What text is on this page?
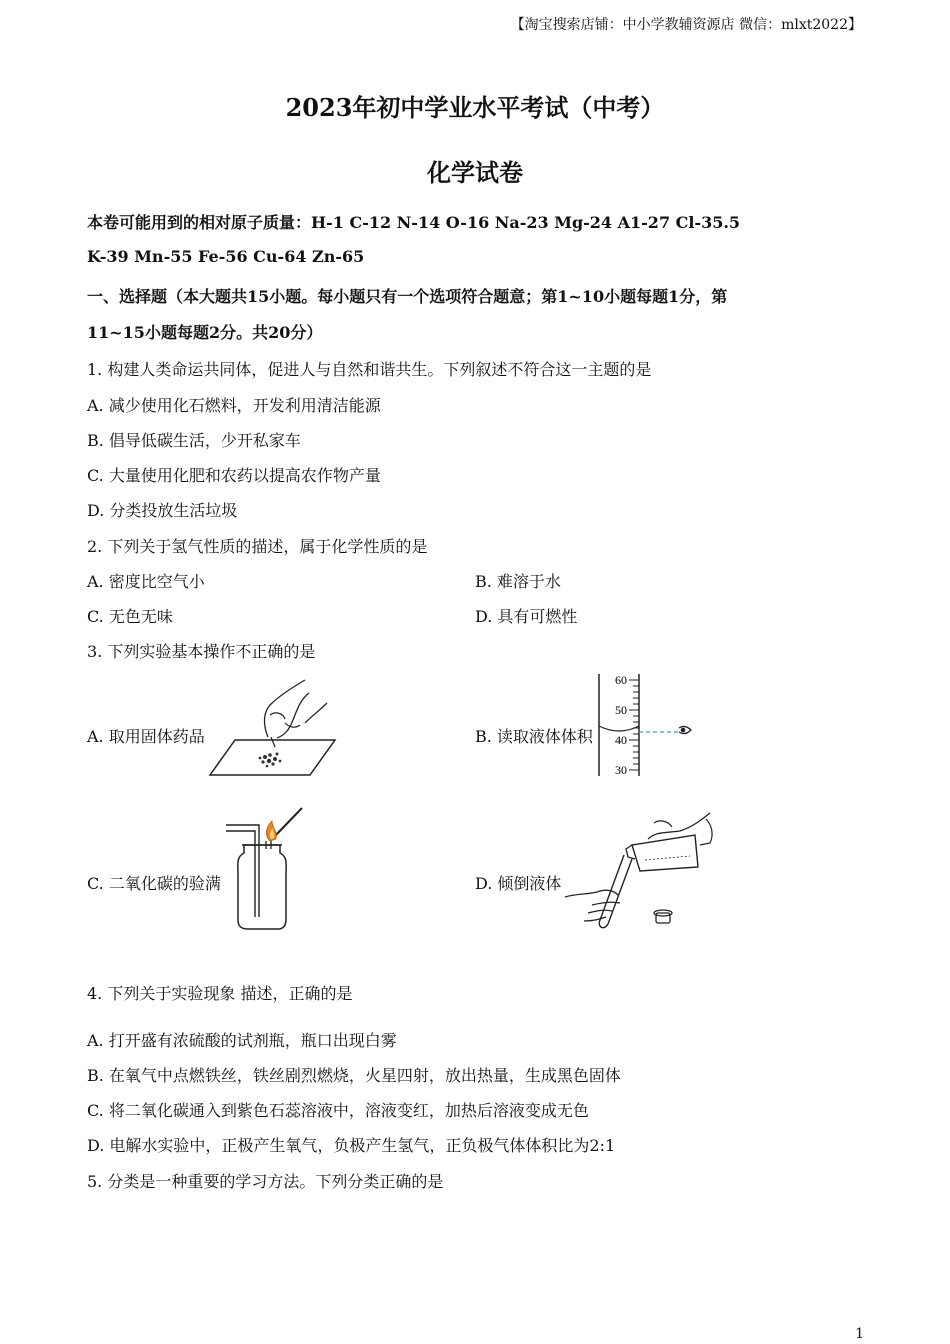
【淘宝搜索店铺：中小学教辅资源店 微信：mlxt2022】
2023年初中学业水平考试（中考）
化学试卷
本卷可能用到的相对原子质量：H-1 C-12 N-14 O-16 Na-23 Mg-24 A1-27 Cl-35.5
K-39 Mn-55 Fe-56 Cu-64 Zn-65
一、选择题（本大题共15小题。每小题只有一个选项符合题意；第1~10小题每题1分，第
11~15小题每题2分。共20分）
1. 构建人类命运共同体，促进人与自然和谐共生。下列叙述不符合这一主题的是
A. 减少使用化石燃料，开发利用清洁能源
B. 倡导低碳生活，少开私家车
C. 大量使用化肥和农药以提高农作物产量
D. 分类投放生活垃圾
2. 下列关于氢气性质的描述，属于化学性质的是
A. 密度比空气小	B. 难溶于水
C. 无色无味	D. 具有可燃性
3. 下列实验基本操作不正确的是
A. 取用固体药品	B. 读取液体体积
60
50
40
30
C. 二氧化碳的验满	D. 倾倒液体
4. 下列关于实验现象 描述，正确的是
A. 打开盛有浓硫酸的试剂瓶，瓶口出现白雾
B. 在氧气中点燃铁丝，铁丝剧烈燃烧，火星四射，放出热量，生成黑色固体
C. 将二氧化碳通入到紫色石蕊溶液中，溶液变红，加热后溶液变成无色
D. 电解水实验中，正极产生氧气，负极产生氢气，正负极气体体积比为2:1
5. 分类是一种重要的学习方法。下列分类正确的是
1
